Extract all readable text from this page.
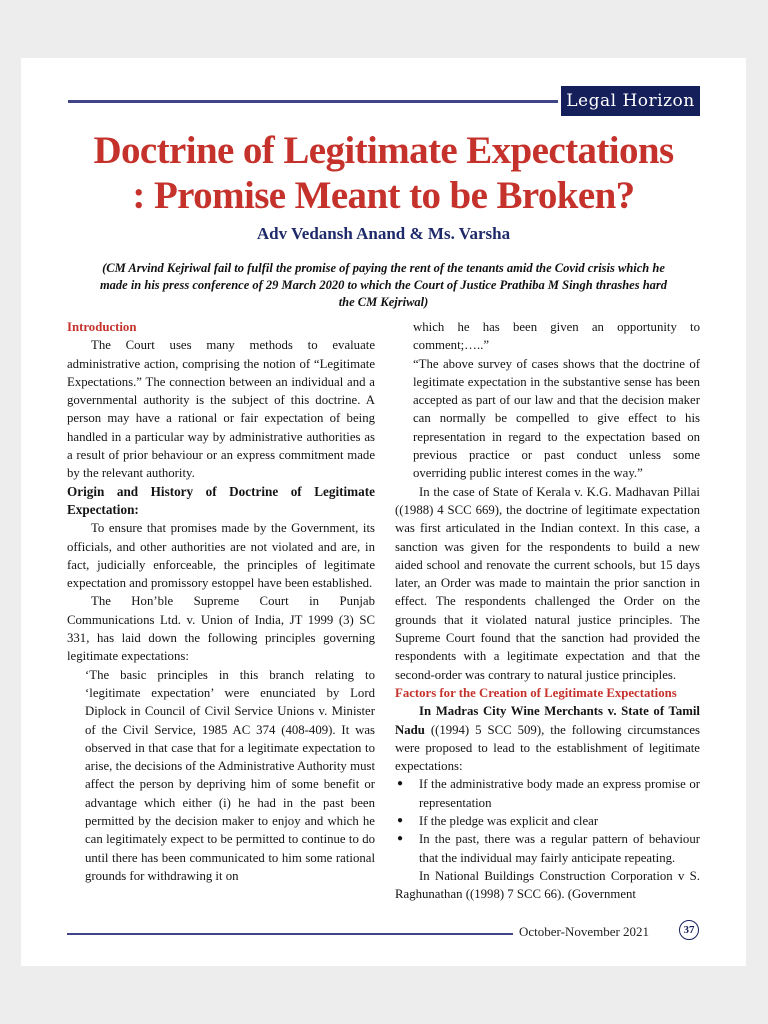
Legal Horizon
Doctrine of Legitimate Expectations
: Promise Meant to be Broken?
Adv Vedansh Anand & Ms. Varsha
(CM Arvind Kejriwal fail to fulfil the promise of paying the rent of the tenants amid the Covid crisis which he made in his press conference of 29 March 2020 to which the Court of Justice Prathiba M Singh thrashes hard the CM Kejriwal)

Introduction

The Court uses many methods to evaluate administrative action, comprising the notion of “Legitimate Expectations.” The connection between an individual and a governmental authority is the subject of this doctrine. A person may have a rational or fair expectation of being handled in a particular way by administrative authorities as a result of prior behaviour or an express commitment made by the relevant authority.

Origin and History of Doctrine of Legitimate Expectation:

To ensure that promises made by the Government, its officials, and other authorities are not violated and are, in fact, judicially enforceable, the principles of legitimate expectation and promissory estoppel have been established.

The Hon’ble Supreme Court in Punjab Communications Ltd. v. Union of India, JT 1999 (3) SC 331, has laid down the following principles governing legitimate expectations:

‘The basic principles in this branch relating to ‘legitimate expectation’ were enunciated by Lord Diplock in Council of Civil Service Unions v. Minister of the Civil Service, 1985 AC 374 (408-409). It was observed in that case that for a legitimate expectation to arise, the decisions of the Administrative Authority must affect the person by depriving him of some benefit or advantage which either (i) he had in the past been permitted by the decision maker to enjoy and which he can legitimately expect to be permitted to continue to do until there has been communicated to him some rational grounds for withdrawing it on

which he has been given an opportunity to comment;…..”

“The above survey of cases shows that the doctrine of legitimate expectation in the substantive sense has been accepted as part of our law and that the decision maker can normally be compelled to give effect to his representation in regard to the expectation based on previous practice or past conduct unless some overriding public interest comes in the way.”

In the case of State of Kerala v. K.G. Madhavan Pillai ((1988) 4 SCC 669), the doctrine of legitimate expectation was first articulated in the Indian context. In this case, a sanction was given for the respondents to build a new aided school and renovate the current schools, but 15 days later, an Order was made to maintain the prior sanction in effect. The respondents challenged the Order on the grounds that it violated natural justice principles. The Supreme Court found that the sanction had provided the respondents with a legitimate expectation and that the second-order was contrary to natural justice principles.

Factors for the Creation of Legitimate Expectations

In Madras City Wine Merchants v. State of Tamil Nadu ((1994) 5 SCC 509), the following circumstances were proposed to lead to the establishment of legitimate expectations:

●	If the administrative body made an express promise or representation
●	If the pledge was explicit and clear
●	In the past, there was a regular pattern of behaviour that the individual may fairly anticipate repeating.

In National Buildings Construction Corporation v S. Raghunathan ((1998) 7 SCC 66). (Government

October-November 2021	37
